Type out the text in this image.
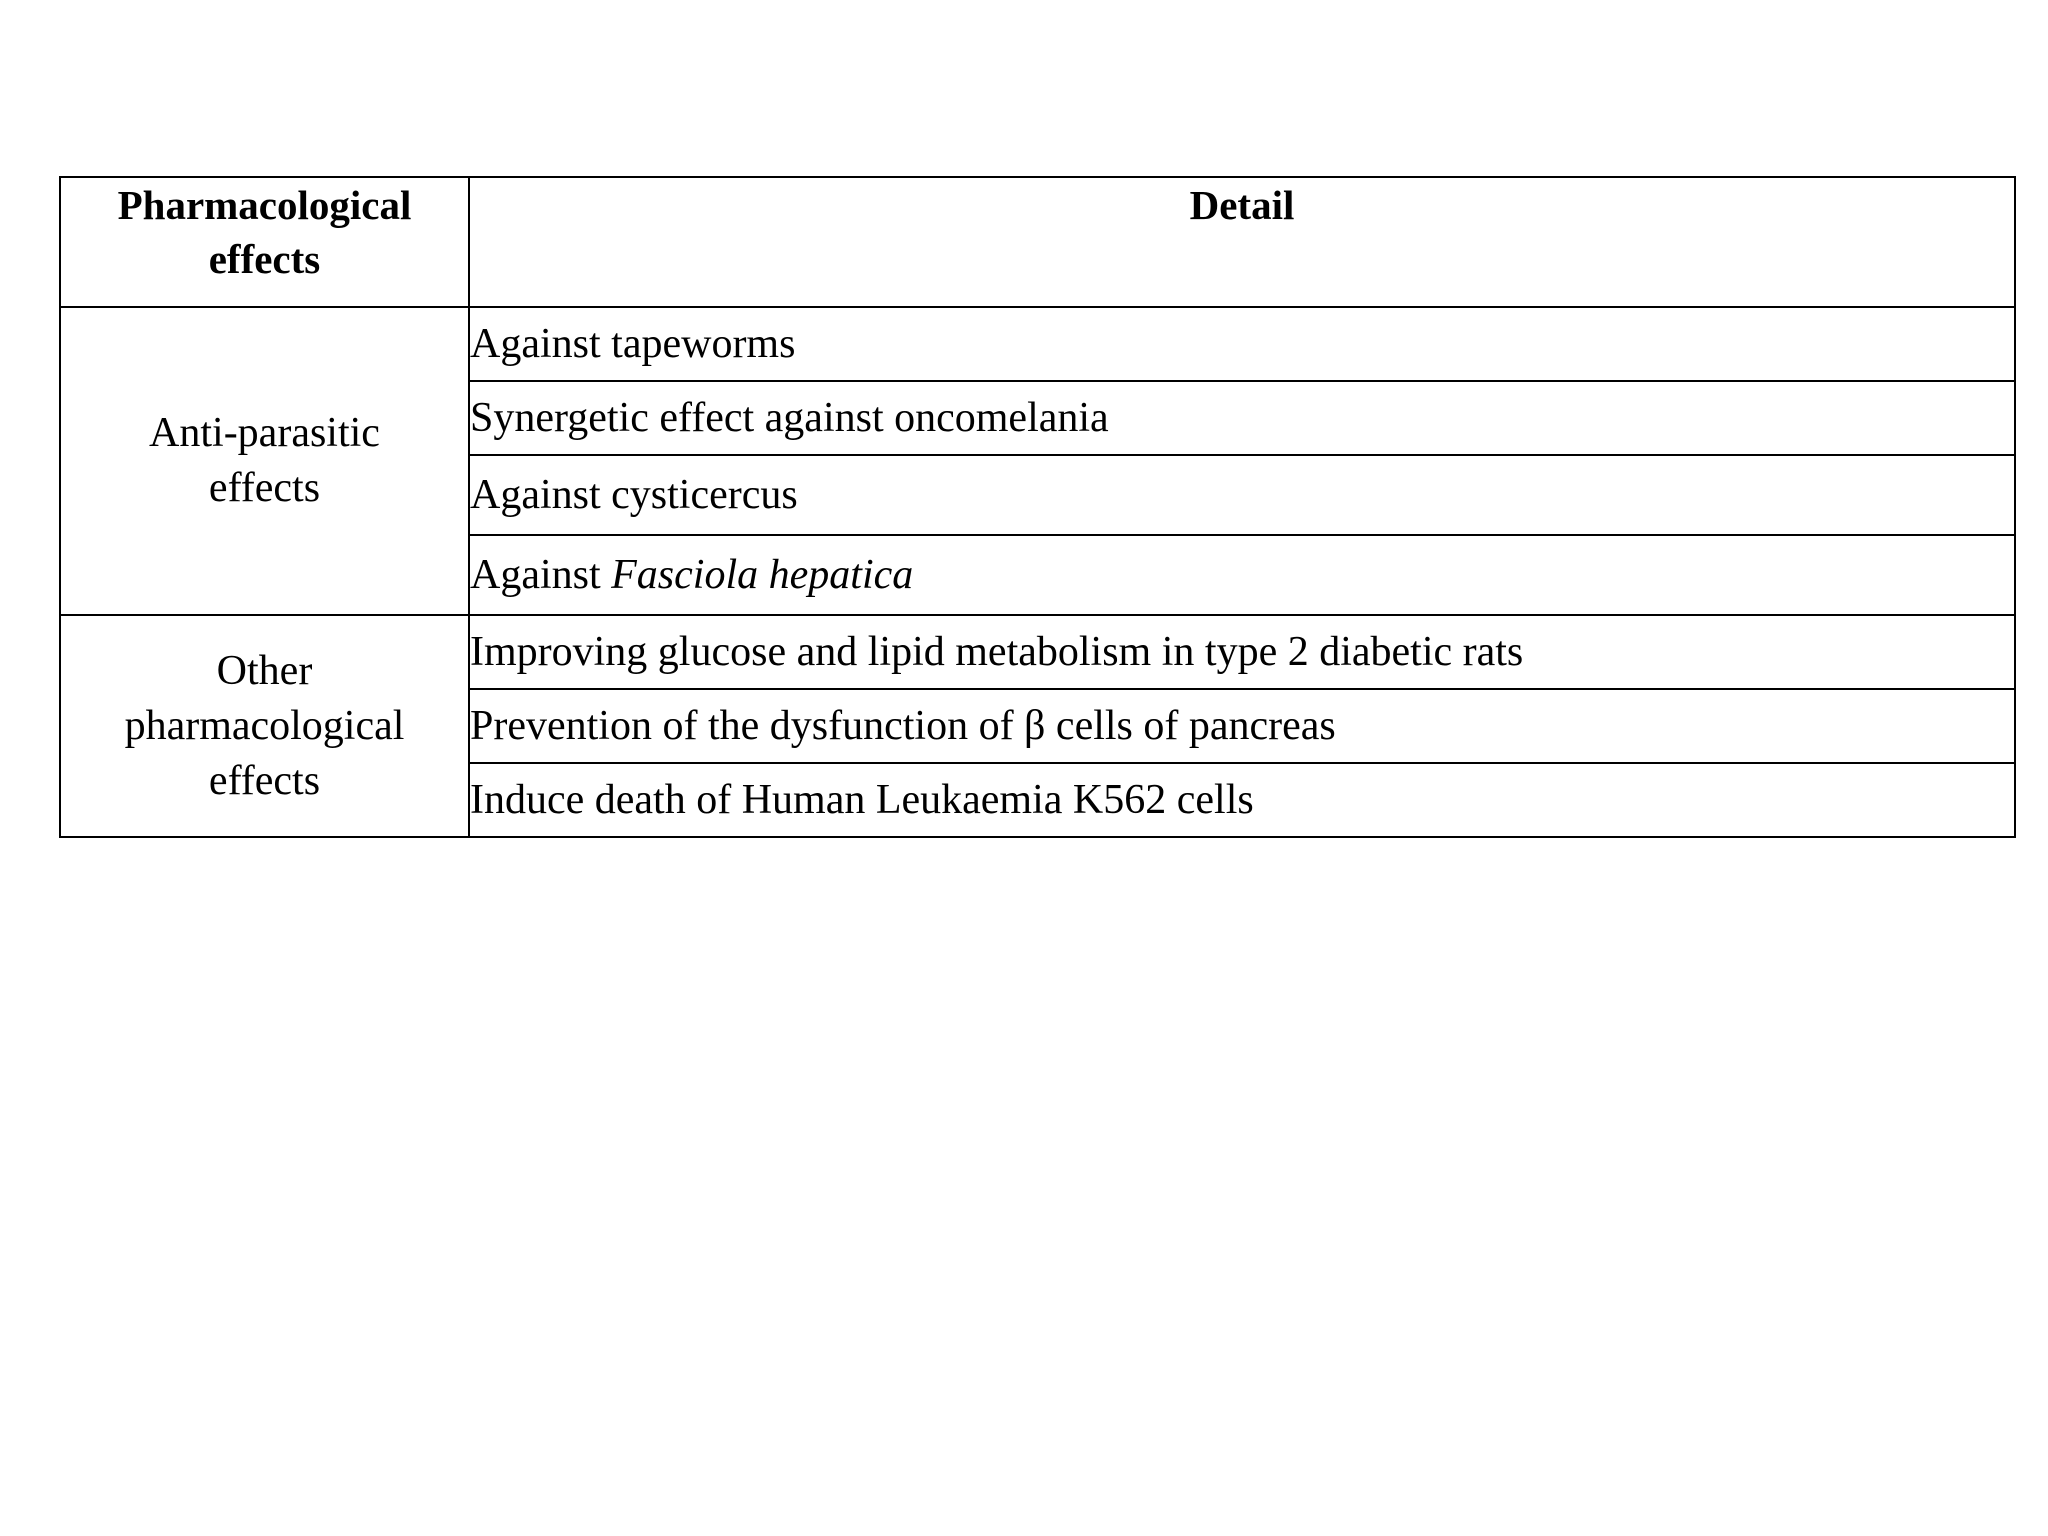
Pharmacological
effects	Detail
Anti-parasitic
effects	Against tapeworms
	Synergetic effect against oncomelania
	Against cysticercus
	Against Fasciola hepatica
Other
pharmacological
effects	Improving glucose and lipid metabolism in type 2 diabetic rats
	Prevention of the dysfunction of β cells of pancreas
	Induce death of Human Leukaemia K562 cells
